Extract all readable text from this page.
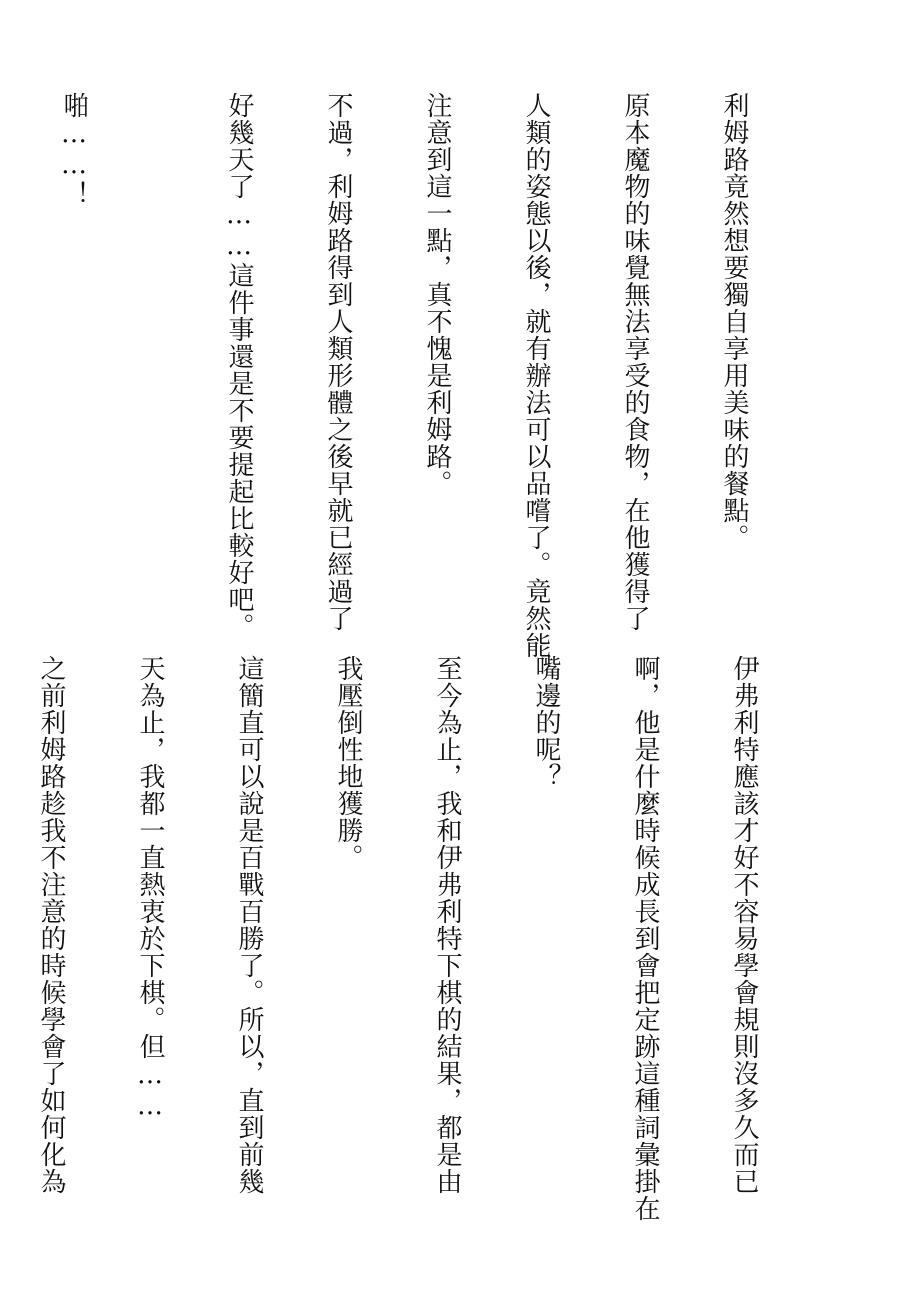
利姆路竟然想要獨自享用美味的餐點。

原本魔物的味覺無法享受的食物，在他獲得了

人類的姿態以後，就有辦法可以品嚐了。竟然能

注意到這一點，真不愧是利姆路。

不過，利姆路得到人類形體之後早就已經過了

好幾天了……這件事還是不要提起比較好吧。

啪……！

伊弗利特應該才好不容易學會規則沒多久而已

啊，他是什麼時候成長到會把定跡這種詞彙掛在

嘴邊的呢？

至今為止，我和伊弗利特下棋的結果，都是由

我壓倒性地獲勝。

這簡直可以說是百戰百勝了。所以，直到前幾

天為止，我都一直熱衷於下棋。但……

之前利姆路趁我不注意的時候學會了如何化為
